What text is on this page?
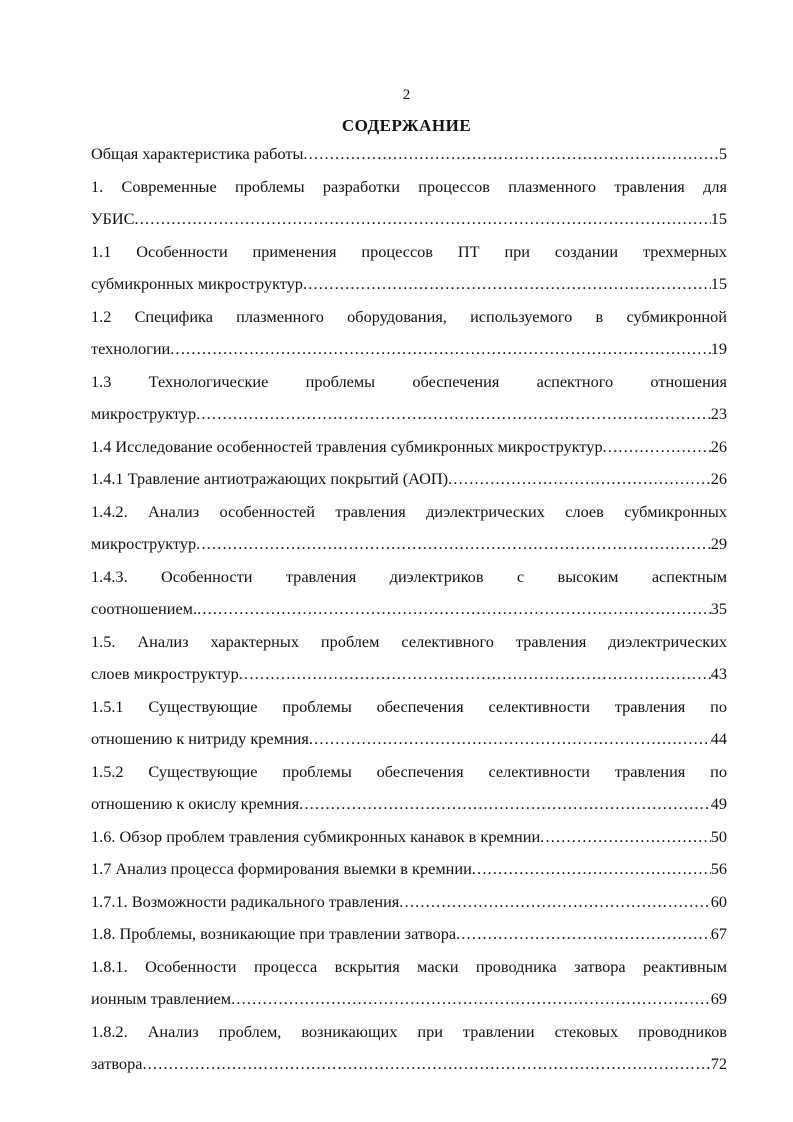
2
СОДЕРЖАНИЕ
Общая характеристика работы .....	5
1. Современные проблемы разработки процессов плазменного травления для
УБИС .....	15
1.1 Особенности применения процессов ПТ при создании трехмерных
субмикронных микроструктур .....	15
1.2 Специфика плазменного оборудования, используемого в субмикронной
технологии .....	19
1.3 Технологические проблемы обеспечения аспектного отношения
микроструктур .....	23
1.4 Исследование особенностей травления субмикронных микроструктур .....	26
1.4.1 Травление антиотражающих покрытий (АОП) .....	26
1.4.2. Анализ особенностей травления диэлектрических слоев субмикронных
микроструктур .....	29
1.4.3. Особенности травления диэлектриков с высоким аспектным
соотношением. .....	35
1.5. Анализ характерных проблем селективного травления диэлектрических
слоев микроструктур .....	43
1.5.1 Существующие проблемы обеспечения селективности травления по
отношению к нитриду кремния .....	44
1.5.2 Существующие проблемы обеспечения селективности травления по
отношению к окислу кремния .....	49
1.6. Обзор проблем травления субмикронных канавок в кремнии .....	50
1.7 Анализ процесса формирования выемки в кремнии .....	56
1.7.1. Возможности радикального травления .....	60
1.8. Проблемы, возникающие при травлении затвора .....	67
1.8.1. Особенности процесса вскрытия маски проводника затвора реактивным
ионным травлением .....	69
1.8.2. Анализ проблем, возникающих при травлении стековых проводников
затвора .....	72
